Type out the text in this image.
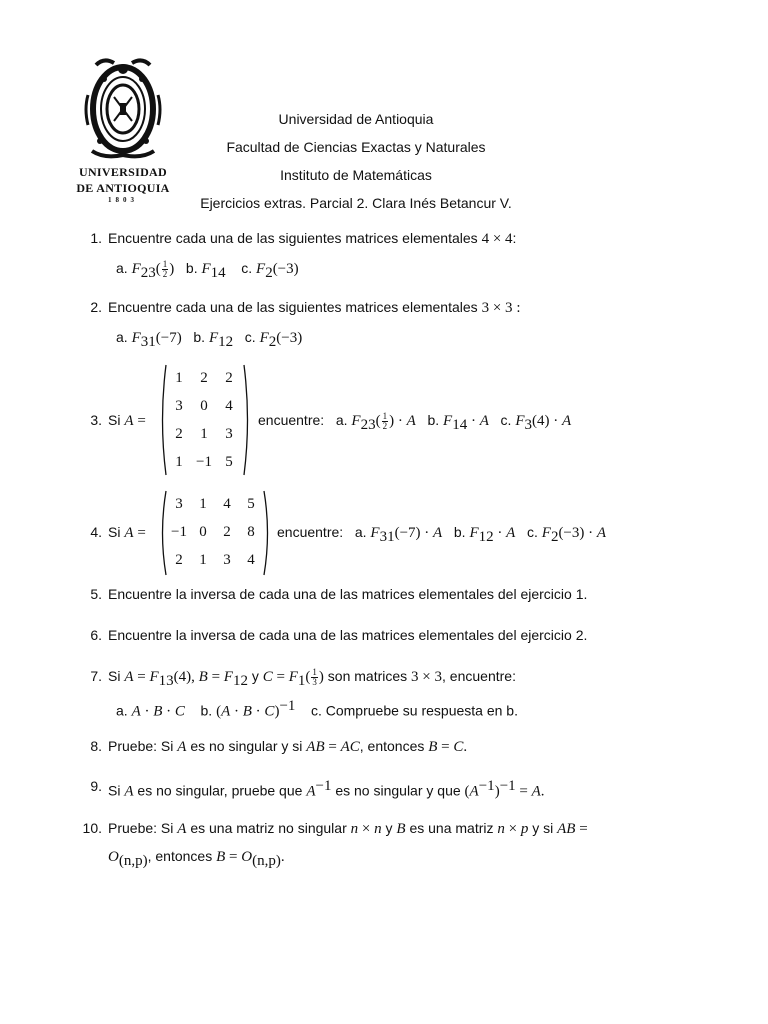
UNIVERSIDAD
DE ANTIOQUIA
1803
Universidad de Antioquia
Facultad de Ciencias Exactas y Naturales
Instituto de Matemáticas
Ejercicios extras. Parcial 2. Clara Inés Betancur V.
1. Encuentre cada una de las siguientes matrices elementales 4 × 4:
a. $F_{23}( \frac{1}{2}$ ) b. $F_{14}$ c. $F_2(-3)$
2. Encuentre cada una de las siguientes matrices elementales 3 × 3 :
a. $F_{31}(-7)$ b. $F_{12}$ c. $F_2(-3)$
3. Si A =
1	2	2
3	0	4
2	1	3
1 −1 5
encuentre: a. $F_{23}( \frac{1}{2}$ ) · A b. $F_{14} \cdot A$ c. $F_3(4) \cdot A$
4. Si A =
3	1	4	5
−1 0	2	8
2	1	3	4
encuentre: a. $F_{31}(-7) \cdot A$ b. $F_{12} \cdot A$ c. $F_2(-3) \cdot A$
5. Encuentre la inversa de cada una de las matrices elementales del ejercicio 1.
6. Encuentre la inversa de cada una de las matrices elementales del ejercicio 2.
7. Si $A = F_{13}(4)$, $B = F_{12}$ y $C = F_1( \frac{1}{3}$ ) son matrices 3 × 3, encuentre:
a. A · B · C b. $(A \cdot B \cdot C)^{-1}$ c. Compruebe su respuesta en b.
8. Pruebe: Si A es no singular y si AB = AC, entonces B = C.
9. Si A es no singular, pruebe que $A^{-1}$ es no singular y que $(A^{-1})^{-1} = A$.
10. Pruebe: Si A es una matriz no singular n × n y B es una matriz n × p y si AB =
$O_{(n,p)}$, entonces $B = O_{(n,p)}$.
